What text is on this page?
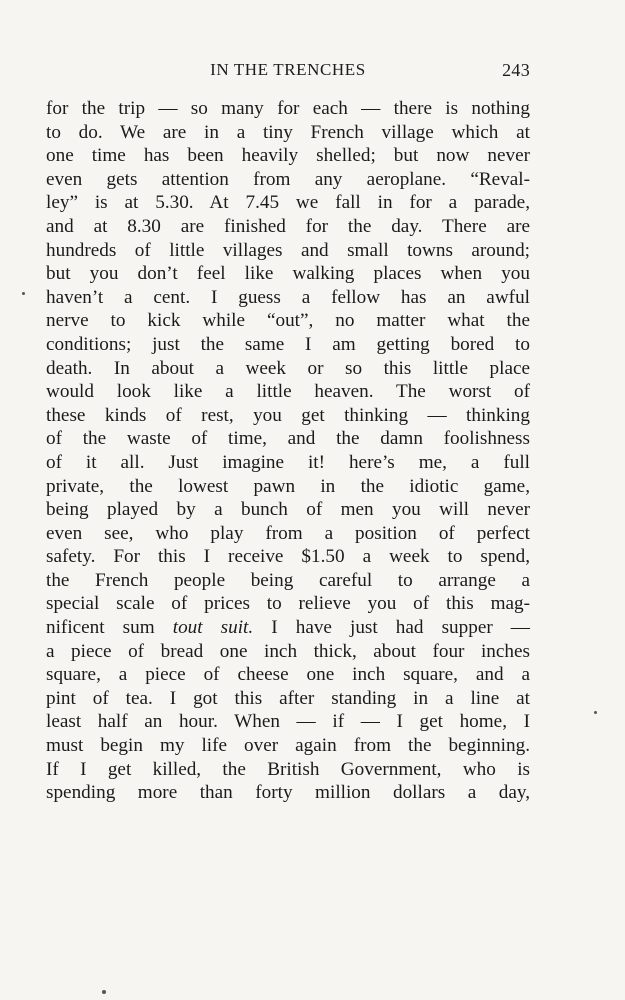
IN THE TRENCHES	243
for the trip — so many for each — there is nothing
to do. We are in a tiny French village which at
one time has been heavily shelled; but now never
even gets attention from any aeroplane. “Reval-
ley” is at 5.30. At 7.45 we fall in for a parade,
and at 8.30 are finished for the day. There are
hundreds of little villages and small towns around;
but you don’t feel like walking places when you
haven’t a cent. I guess a fellow has an awful
nerve to kick while “out”, no matter what the
conditions; just the same I am getting bored to
death. In about a week or so this little place
would look like a little heaven. The worst of
these kinds of rest, you get thinking — thinking
of the waste of time, and the damn foolishness
of it all. Just imagine it! here’s me, a full
private, the lowest pawn in the idiotic game,
being played by a bunch of men you will never
even see, who play from a position of perfect
safety. For this I receive $1.50 a week to spend,
the French people being careful to arrange a
special scale of prices to relieve you of this mag-
nificent sum tout suit. I have just had supper —
a piece of bread one inch thick, about four inches
square, a piece of cheese one inch square, and a
pint of tea. I got this after standing in a line at
least half an hour. When — if — I get home, I
must begin my life over again from the beginning.
If I get killed, the British Government, who is
spending more than forty million dollars a day,
